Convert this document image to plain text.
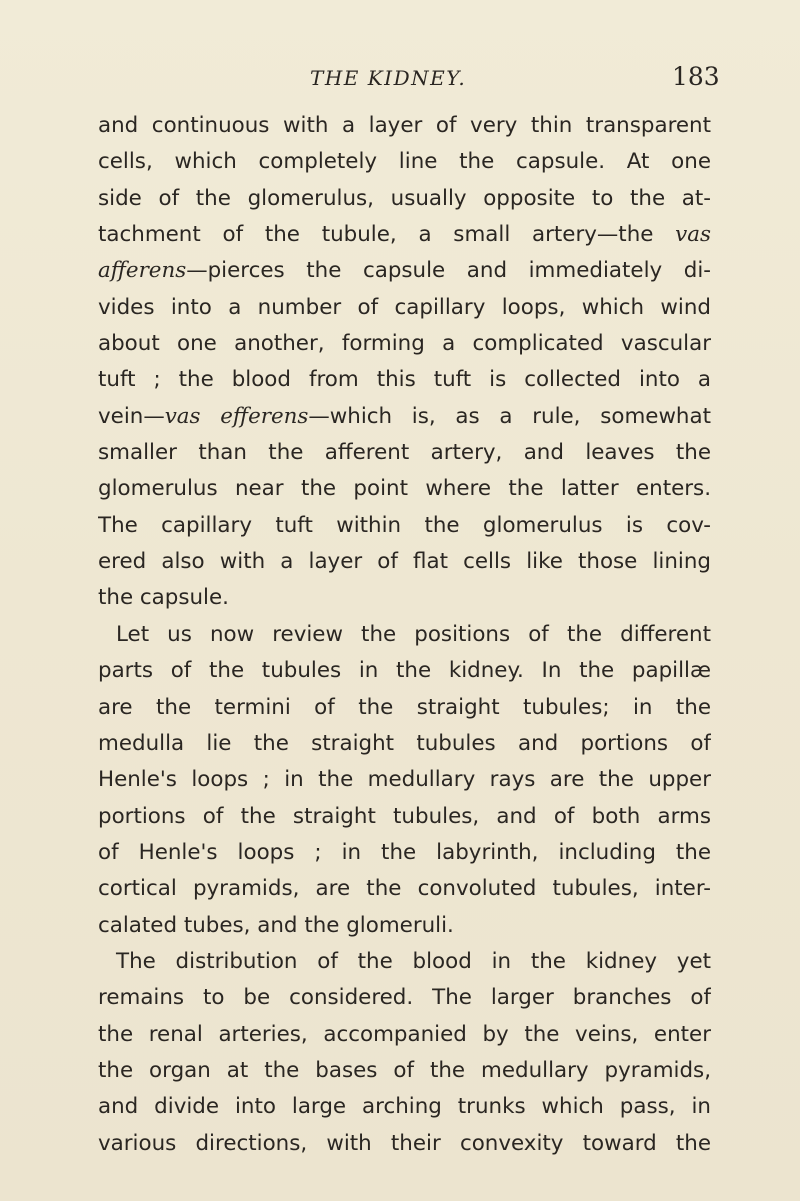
THE KIDNEY.	183
and continuous with a layer of very thin transparent
cells, which completely line the capsule. At one
side of the glomerulus, usually opposite to the at-
tachment of the tubule, a small artery—the vas
afferens—pierces the capsule and immediately di-
vides into a number of capillary loops, which wind
about one another, forming a complicated vascular
tuft ; the blood from this tuft is collected into a
vein—vas efferens—which is, as a rule, somewhat
smaller than the afferent artery, and leaves the
glomerulus near the point where the latter enters.
The capillary tuft within the glomerulus is cov-
ered also with a layer of flat cells like those lining
the capsule.
Let us now review the positions of the different
parts of the tubules in the kidney. In the papillæ
are the termini of the straight tubules; in the
medulla lie the straight tubules and portions of
Henle's loops ; in the medullary rays are the upper
portions of the straight tubules, and of both arms
of Henle's loops ; in the labyrinth, including the
cortical pyramids, are the convoluted tubules, inter-
calated tubes, and the glomeruli.
The distribution of the blood in the kidney yet
remains to be considered. The larger branches of
the renal arteries, accompanied by the veins, enter
the organ at the bases of the medullary pyramids,
and divide into large arching trunks which pass, in
various directions, with their convexity toward the
